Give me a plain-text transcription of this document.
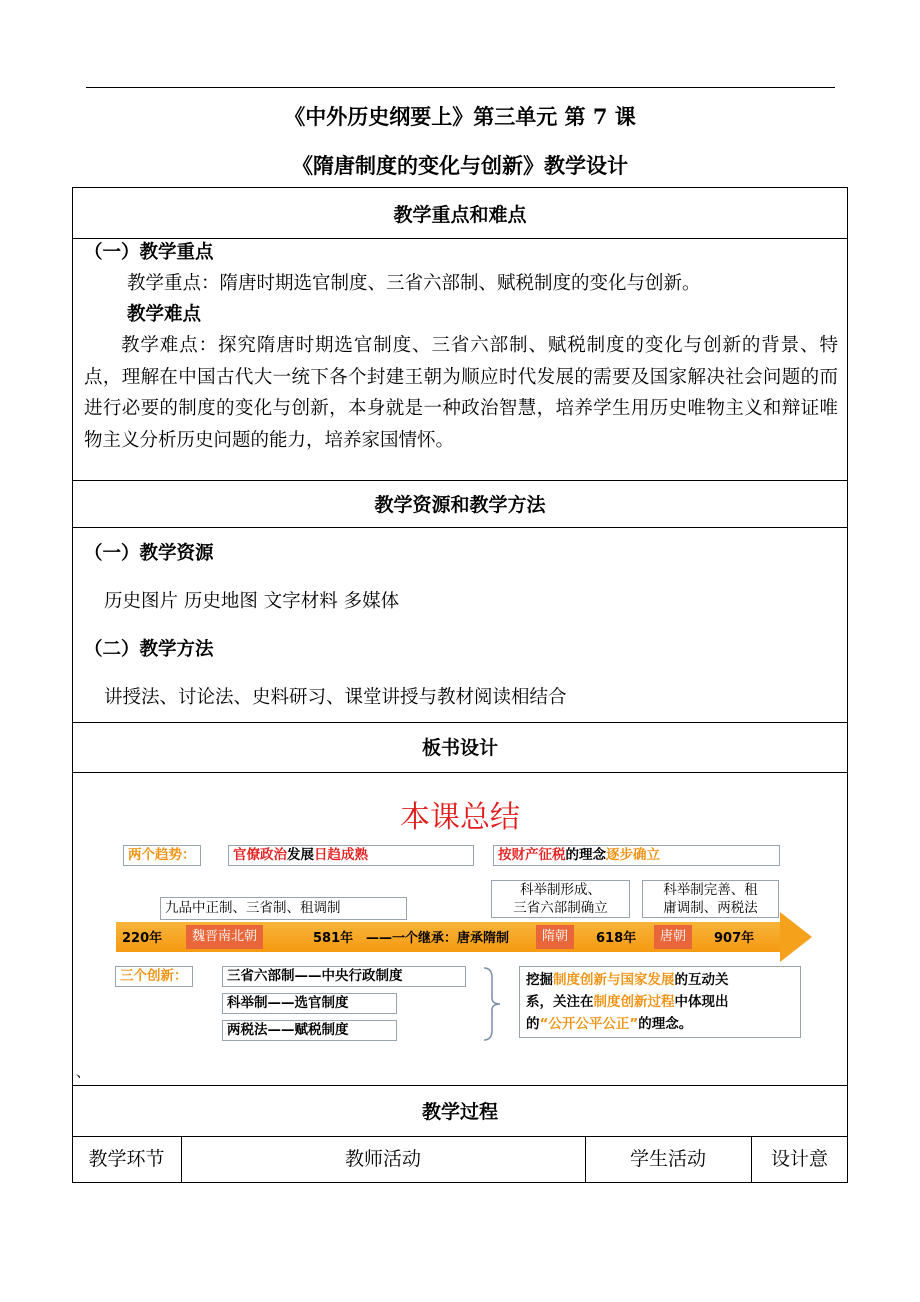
《中外历史纲要上》第三单元 第 7 课
《隋唐制度的变化与创新》教学设计
教学重点和难点
（一）教学重点
教学重点：隋唐时期选官制度、三省六部制、赋税制度的变化与创新。
教学难点
教学难点：探究隋唐时期选官制度、三省六部制、赋税制度的变化与创新的背景、特点，理解在中国古代大一统下各个封建王朝为顺应时代发展的需要及国家解决社会问题的而进行必要的制度的变化与创新，本身就是一种政治智慧，培养学生用历史唯物主义和辩证唯物主义分析历史问题的能力，培养家国情怀。
教学资源和教学方法
（一）教学资源
历史图片 历史地图 文字材料 多媒体
（二）教学方法
讲授法、讨论法、史料研习、课堂讲授与教材阅读相结合
板书设计
本课总结
两个趋势：	官僚政治发展日趋成熟	按财产征税的理念逐步确立
九品中正制、三省制、租调制
科举制形成、
三省六部制确立
科举制完善、租
庸调制、两税法
220年	魏晋南北朝	581年 ——一个继承：唐承隋制	隋朝	618年	唐朝	907年
三个创新：	三省六部制——中央行政制度
科举制——选官制度
两税法——赋税制度
挖掘制度创新与国家发展的互动关
系，关注在制度创新过程中体现出
的“公开公平公正”的理念。
、
教学过程
教学环节	教师活动	学生活动	设计意
